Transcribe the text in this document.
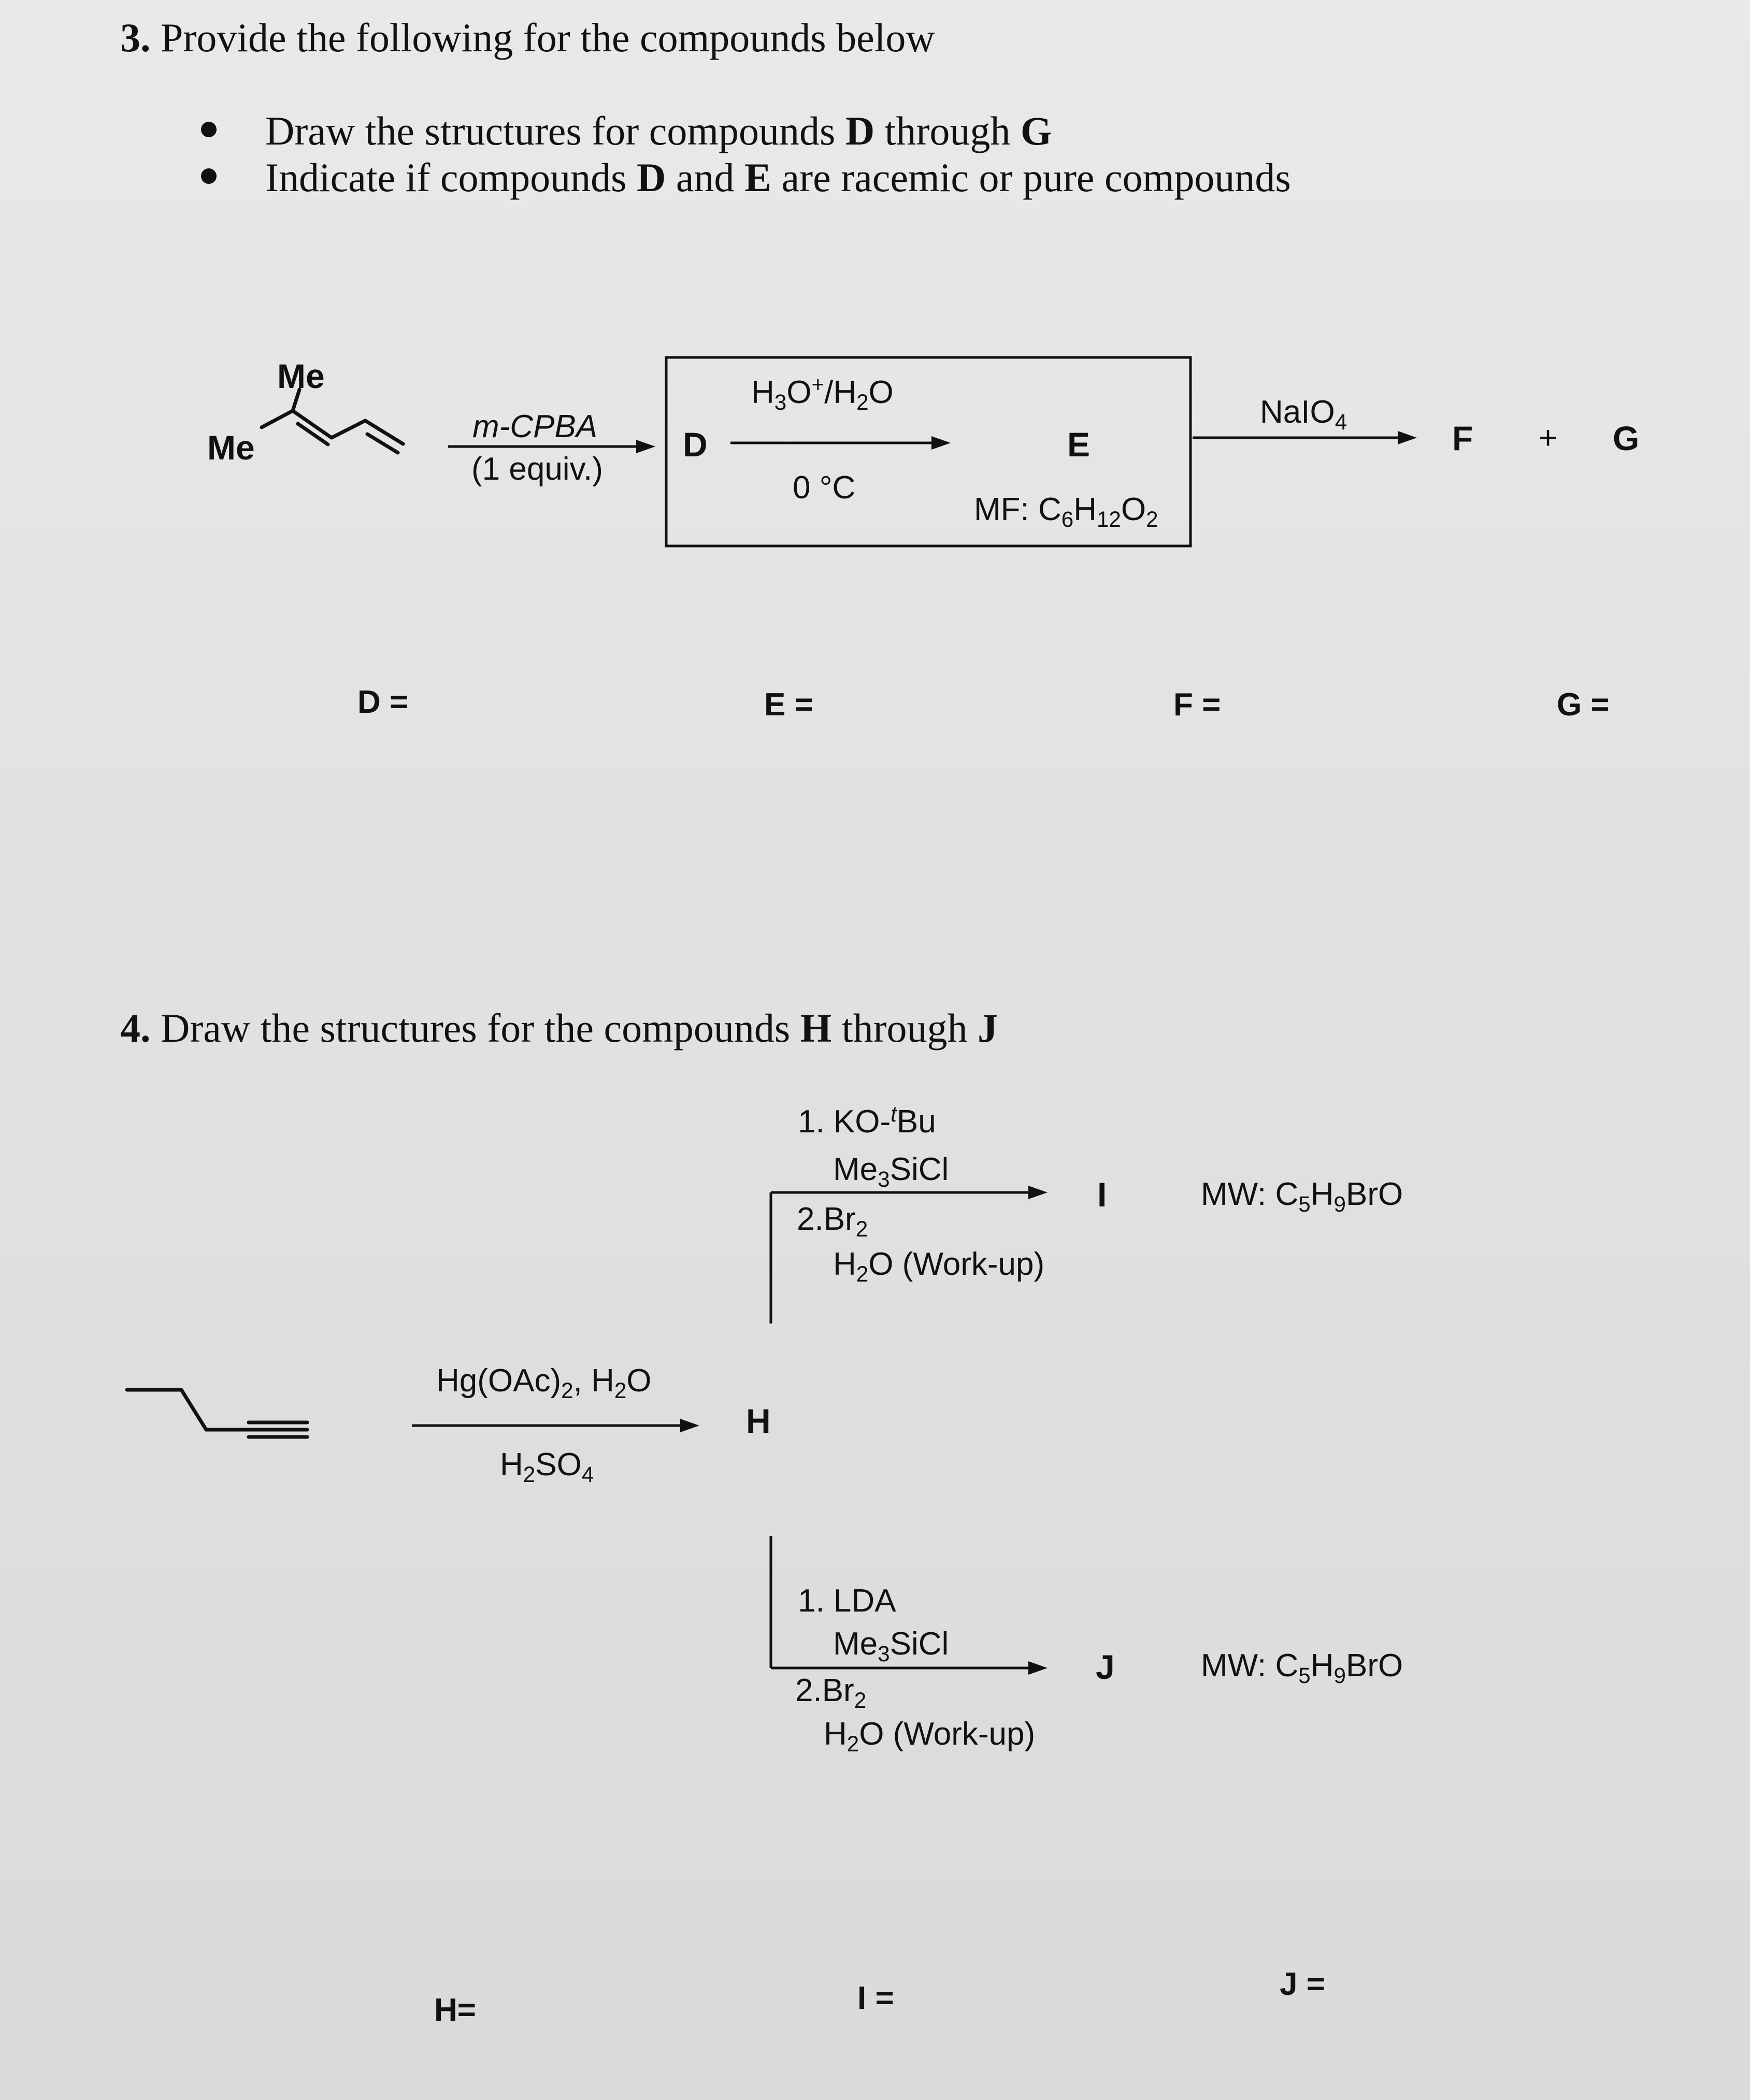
3. Provide the following for the compounds below
Draw the structures for compounds D through G
Indicate if compounds D and E are racemic or pure compounds
Me
Me
m-CPBA
(1 equiv.)
D
$H_3O^+/H_2O$
0 °C
E
MF: $C_6H_{12}O_2$
NaIO$_4$	F + G
D =	E =	F =	G =
4. Draw the structures for the compounds H through J
$Hg(OAc)_2$, $H_2O$
$H_2SO_4$
H
1. KO-$^t$Bu
$Me_3SiCl$
$2.Br_2$
$H_2O$ (Work-up)
I	MW: $C_5H_9BrO$
1. LDA
$Me_3SiCl$
$2.Br_2$
$H_2O$ (Work-up)
J	MW: $C_5H_9BrO$
H=	I =	J =
